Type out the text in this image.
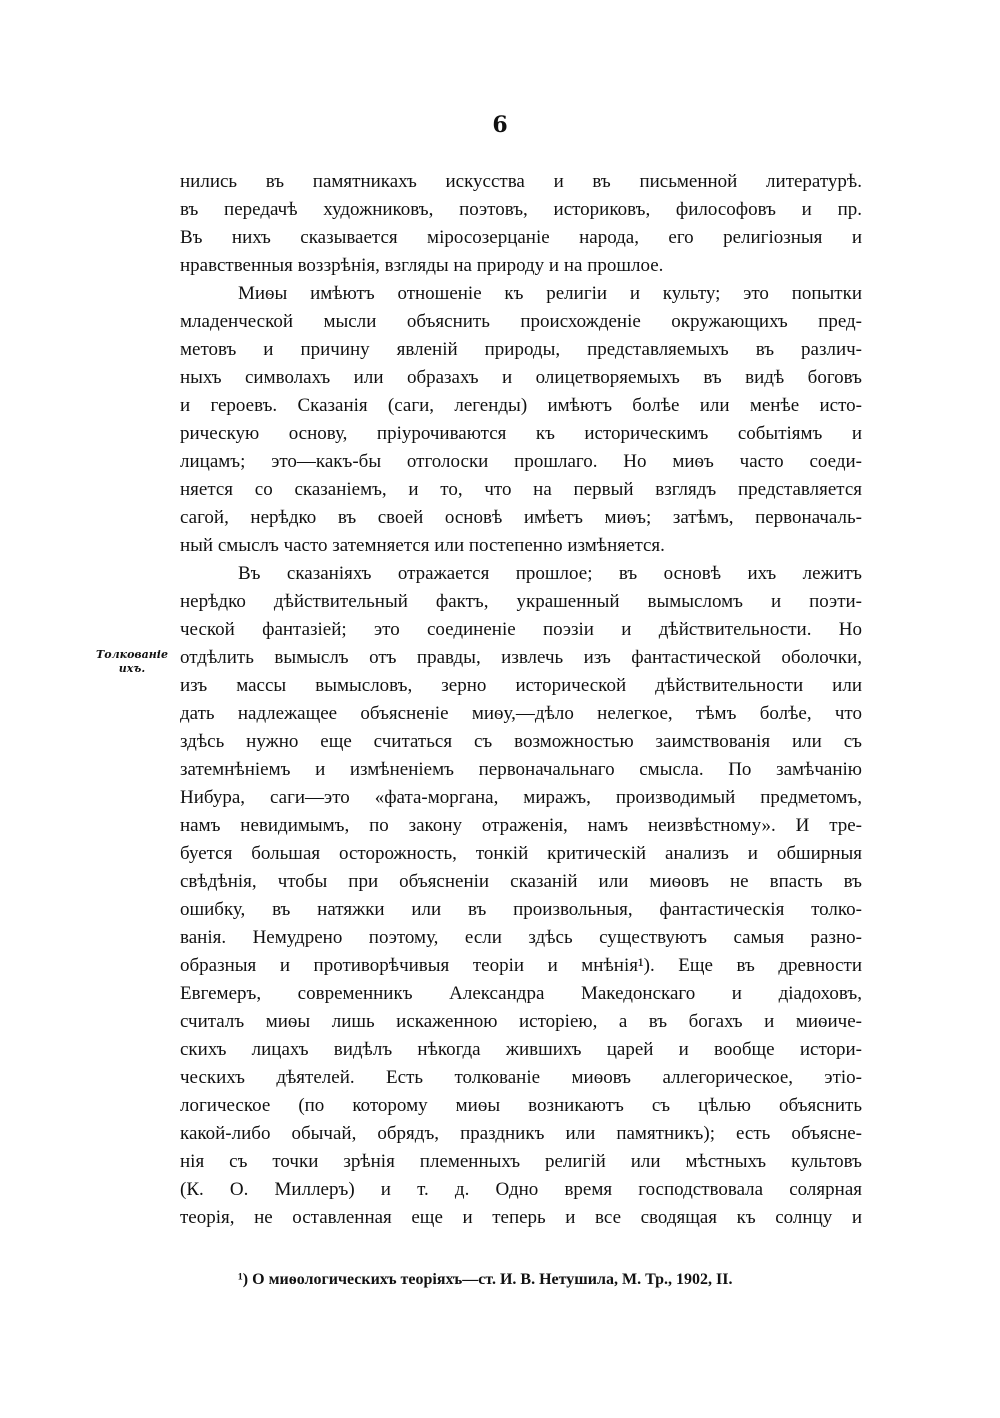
6
Толкованіе
ихъ.
нились въ памятникахъ искусства и въ письменной литературѣ.
въ передачѣ художниковъ, поэтовъ, историковъ, философовъ и пр.
Въ нихъ сказывается міросозерцаніе народа, его религіозныя и
нравственныя воззрѣнія, взгляды на природу и на прошлое.
Миѳы имѣютъ отношеніе къ религіи и культу; это попытки
младенческой мысли объяснить происхожденіе окружающихъ пред-
метовъ и причину явленій природы, представляемыхъ въ различ-
ныхъ символахъ или образахъ и олицетворяемыхъ въ видѣ боговъ
и героевъ. Сказанія (саги, легенды) имѣютъ болѣе или менѣе исто-
рическую основу, пріурочиваются къ историческимъ событіямъ и
лицамъ; это—какъ-бы отголоски прошлаго. Но миѳъ часто соеди-
няется со сказаніемъ, и то, что на первый взглядъ представляется
сагой, нерѣдко въ своей основѣ имѣетъ миѳъ; затѣмъ, первоначаль-
ный смыслъ часто затемняется или постепенно измѣняется.
Въ сказаніяхъ отражается прошлое; въ основѣ ихъ лежитъ
нерѣдко дѣйствительный фактъ, украшенный вымысломъ и поэти-
ческой фантазіей; это соединеніе поэзіи и дѣйствительности. Но
отдѣлить вымыслъ отъ правды, извлечь изъ фантастической оболочки,
изъ массы вымысловъ, зерно исторической дѣйствительности или
дать надлежащее объясненіе миѳу,—дѣло нелегкое, тѣмъ болѣе, что
здѣсь нужно еще считаться съ возможностью заимствованія или съ
затемнѣніемъ и измѣненіемъ первоначальнаго смысла. По замѣчанію
Нибура, саги—это «фата-моргана, миражъ, производимый предметомъ,
намъ невидимымъ, по закону отраженія, намъ неизвѣстному». И тре-
буется большая осторожность, тонкій критическій анализъ и обширныя
свѣдѣнія, чтобы при объясненіи сказаній или миѳовъ не впасть въ
ошибку, въ натяжки или въ произвольныя, фантастическія толко-
ванія. Немудрено поэтому, если здѣсь существуютъ самыя разно-
образныя и противорѣчивыя теоріи и мнѣнія¹). Еще въ древности
Евгемеръ, современникъ Александра Македонскаго и діадоховъ,
считалъ миѳы лишь искаженною исторіею, а въ богахъ и миѳиче-
скихъ лицахъ видѣлъ нѣкогда жившихъ царей и вообще истори-
ческихъ дѣятелей. Есть толкованіе миѳовъ аллегорическое, этіо-
логическое (по которому миѳы возникаютъ съ цѣлью объяснить
какой-либо обычай, обрядъ, праздникъ или памятникъ); есть объясне-
нія съ точки зрѣнія племенныхъ религій или мѣстныхъ культовъ
(К. О. Миллеръ) и т. д. Одно время господствовала солярная
теорія, не оставленная еще и теперь и все сводящая къ солнцу и
¹) О миѳологическихъ теоріяхъ—ст. И. В. Нетушила, М. Тр., 1902, II.
